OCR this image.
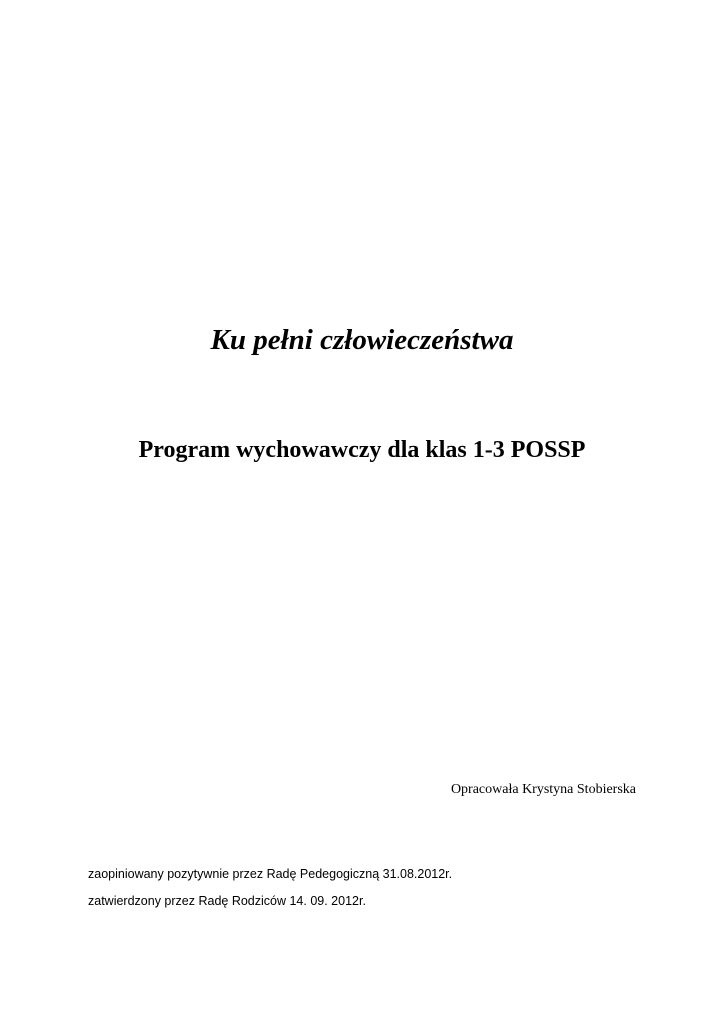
Ku pełni człowieczeństwa
Program wychowawczy dla klas 1-3 POSSP
Opracowała Krystyna Stobierska
zaopiniowany pozytywnie przez Radę Pedegogiczną 31.08.2012r.
zatwierdzony przez Radę Rodziców 14. 09. 2012r.
